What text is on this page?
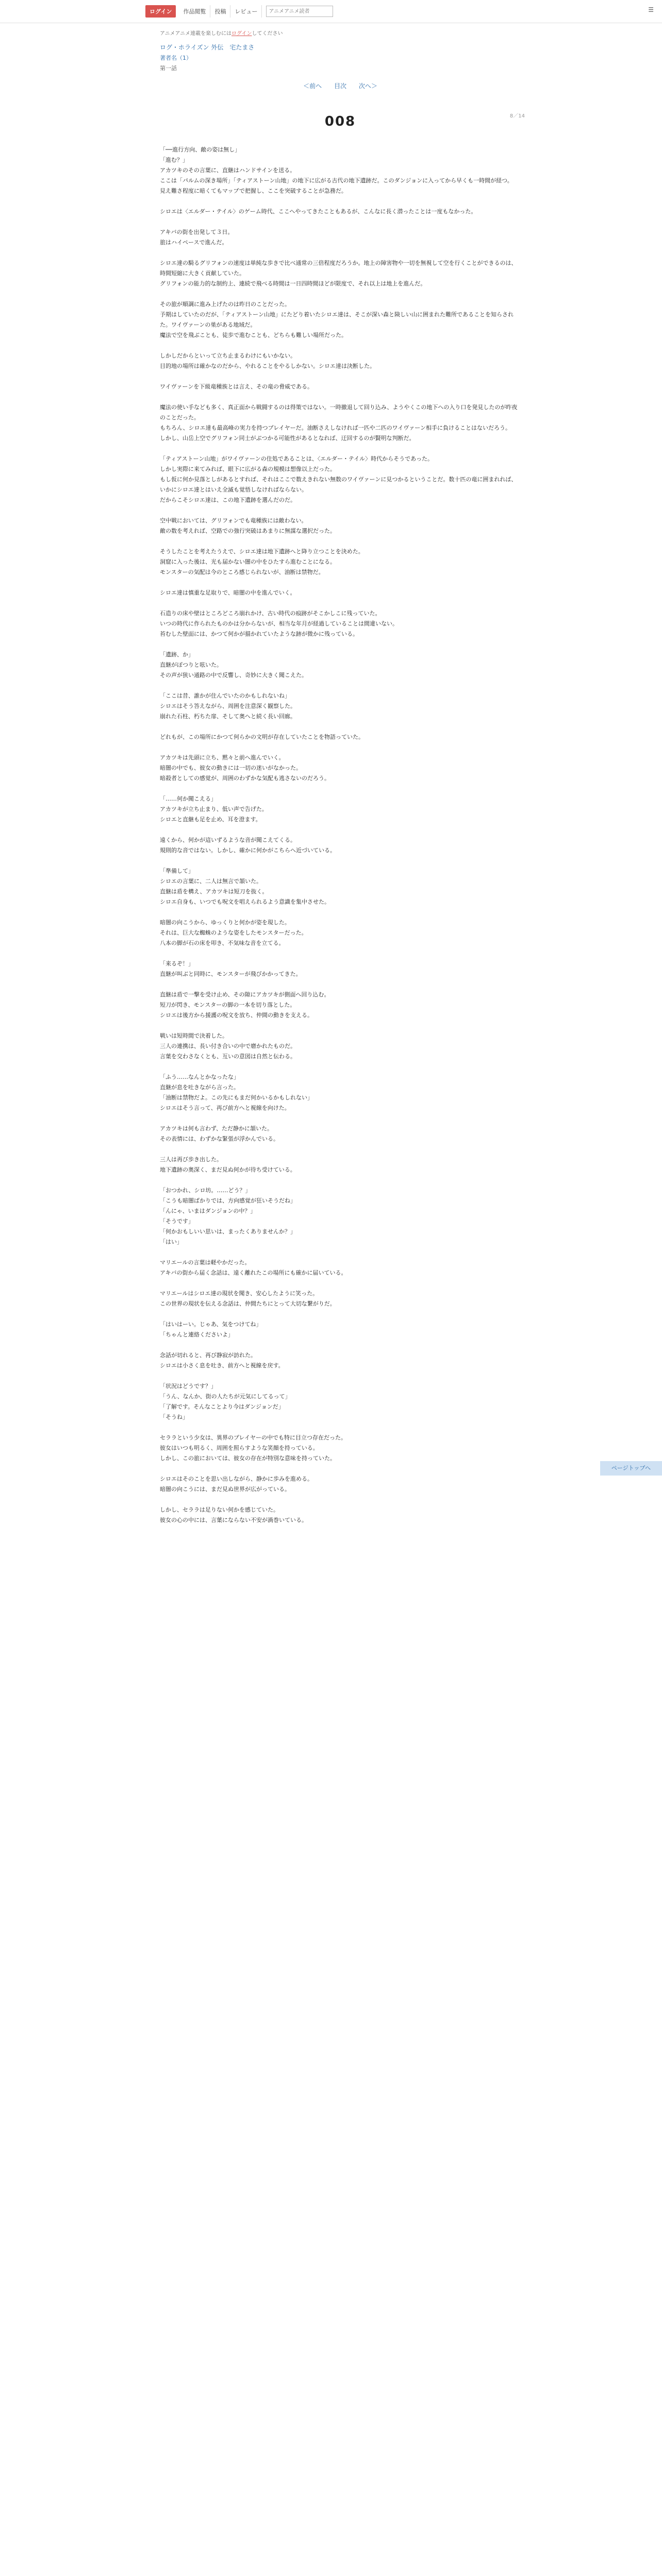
ログイン	作品閲覧	投稿	レビュー
アニメアニメ読者	☰
アニメアニメ連載を楽しむにはログインしてください
ログ・ホライズン 外伝　宅たまさ
著者名（1）
第一話
＜前へ 目次 次へ＞
8／14
008
「──進行方向、敵の姿は無し」
「進む？」
アカツキのその言葉に、直継はハンドサインを送る。
ここは「パルムの深き場所」「ティアストーン山地」の地下に広がる古代の地下遺跡だ。このダンジョンに入ってから早くも一時間が経つ。
見え難さ程度に暗くてもマップで把握し、ここを突破することが急務だ。

シロエは〈エルダー・テイル〉のゲーム時代、ここへやってきたこともあるが、こんなに長く潜ったことは一度もなかった。

アキバの街を出発して３日。
旅はハイペースで進んだ。

シロエ達の騎るグリフォンの速度は単純な歩きで比べ通常の三倍程度だろうか。地上の障害物や一切を無視して空を行くことができるのは、時間短縮に大きく貢献していた。
グリフォンの能力的な制約上、連続で飛べる時間は一日四時間ほどが限度で、それ以上は地上を進んだ。

その旅が順調に進み上げたのは昨日のことだった。
予期はしていたのだが、「ティアストーン山地」にたどり着いたシロエ達は、そこが深い森と険しい山に囲まれた難所であることを知らされた。ワイヴァーンの巣がある地域だ。
魔法で空を飛ぶことも、徒歩で進むことも、どちらも難しい場所だった。

しかしだからといって立ち止まるわけにもいかない。
目的地の場所は確かなのだから、やれることをやるしかない。シロエ達は決断した。

ワイヴァーンを下級竜種族とは言え、その竜の脅威である。

魔法の使い手なども多く、真正面から戦闘するのは得策ではない。一時撤退して回り込み、ようやくこの地下への入り口を発見したのが昨夜のことだった。
もちろん、シロエ達も最高峰の実力を持つプレイヤーだ。油断さえしなければ一匹や二匹のワイヴァーン相手に負けることはないだろう。
しかし、山岳上空でグリフォン同士がぶつかる可能性があるとなれば、迂回するのが賢明な判断だ。

「ティアストーン山地」がワイヴァーンの住処であることは、〈エルダー・テイル〉時代からそうであった。
しかし実際に来てみれば、眼下に広がる森の規模は想像以上だった。
もし仮に何か見落としがあるとすれば、それはここで数えきれない無数のワイヴァーンに見つかるということだ。数十匹の竜に囲まれれば、いかにシロエ達とはいえ全滅も覚悟しなければならない。
だからこそシロエ達は、この地下遺跡を選んだのだ。

空中戦においては、グリフォンでも竜種族には敵わない。
敵の数を考えれば、空路での強行突破はあまりに無謀な選択だった。

そうしたことを考えたうえで、シロエ達は地下遺跡へと降り立つことを決めた。
洞窟に入った後は、光も届かない闇の中をひたすら進むことになる。
モンスターの気配は今のところ感じられないが、油断は禁物だ。

シロエ達は慎重な足取りで、暗闇の中を進んでいく。

石造りの床や壁はところどころ崩れかけ、古い時代の痕跡がそこかしこに残っていた。
いつの時代に作られたものかは分からないが、相当な年月が経過していることは間違いない。
苔むした壁面には、かつて何かが描かれていたような跡が微かに残っている。

「遺跡、か」
直継がぽつりと呟いた。
その声が狭い通路の中で反響し、奇妙に大きく聞こえた。

「ここは昔、誰かが住んでいたのかもしれないね」
シロエはそう答えながら、周囲を注意深く観察した。
崩れた石柱、朽ちた扉、そして奥へと続く長い回廊。

どれもが、この場所にかつて何らかの文明が存在していたことを物語っていた。

アカツキは先頭に立ち、黙々と前へ進んでいく。
暗闇の中でも、彼女の動きには一切の迷いがなかった。
暗殺者としての感覚が、周囲のわずかな気配も逃さないのだろう。

「……何か聞こえる」
アカツキが立ち止まり、低い声で告げた。
シロエと直継も足を止め、耳を澄ます。

遠くから、何かが這いずるような音が聞こえてくる。
規則的な音ではない。しかし、確かに何かがこちらへ近づいている。

「準備して」
シロエの言葉に、二人は無言で頷いた。
直継は盾を構え、アカツキは短刀を抜く。
シロエ自身も、いつでも呪文を唱えられるよう意識を集中させた。

暗闇の向こうから、ゆっくりと何かが姿を現した。
それは、巨大な蜘蛛のような姿をしたモンスターだった。
八本の脚が石の床を叩き、不気味な音を立てる。

「来るぞ！」
直継が叫ぶと同時に、モンスターが飛びかかってきた。

直継は盾で一撃を受け止め、その隙にアカツキが側面へ回り込む。
短刀が閃き、モンスターの脚の一本を切り落とした。
シロエは後方から援護の呪文を放ち、仲間の動きを支える。

戦いは短時間で決着した。
三人の連携は、長い付き合いの中で磨かれたものだ。
言葉を交わさなくとも、互いの意図は自然と伝わる。

「ふう……なんとかなったな」
直継が息を吐きながら言った。
「油断は禁物だよ。この先にもまだ何かいるかもしれない」
シロエはそう言って、再び前方へと視線を向けた。

アカツキは何も言わず、ただ静かに頷いた。
その表情には、わずかな緊張が浮かんでいる。

三人は再び歩き出した。
地下遺跡の奥深く、まだ見ぬ何かが待ち受けている。

「おつかれ、シロ坊。……どう？」
「こうも暗闇ばかりでは、方向感覚が狂いそうだね」
「んにゃ、いまはダンジョンの中？」
「そうです」
「何かおもしいい思いは、まったくありませんか？」
「はい」

マリエールの言葉は軽やかだった。
アキバの街から届く念話は、遠く離れたこの場所にも確かに届いている。

マリエールはシロエ達の現状を聞き、安心したように笑った。
この世界の現状を伝える念話は、仲間たちにとって大切な繋がりだ。

「はいはーい。じゃあ、気をつけてね」
「ちゃんと連絡くださいよ」

念話が切れると、再び静寂が訪れた。
シロエは小さく息を吐き、前方へと視線を戻す。

「状況はどうです？」
「うん、なんか、街の人たちが元気にしてるって」
「了解です。そんなことより今はダンジョンだ」
「そうね」

セララという少女は、異界のプレイヤーの中でも特に目立つ存在だった。
彼女はいつも明るく、周囲を照らすような笑顔を持っている。
しかし、この旅においては、彼女の存在が特別な意味を持っていた。

シロエはそのことを思い出しながら、静かに歩みを進める。
暗闇の向こうには、まだ見ぬ世界が広がっている。

しかし、セララは足りない何かを感じていた。
彼女の心の中には、言葉にならない不安が渦巻いている。
ページトップへ
